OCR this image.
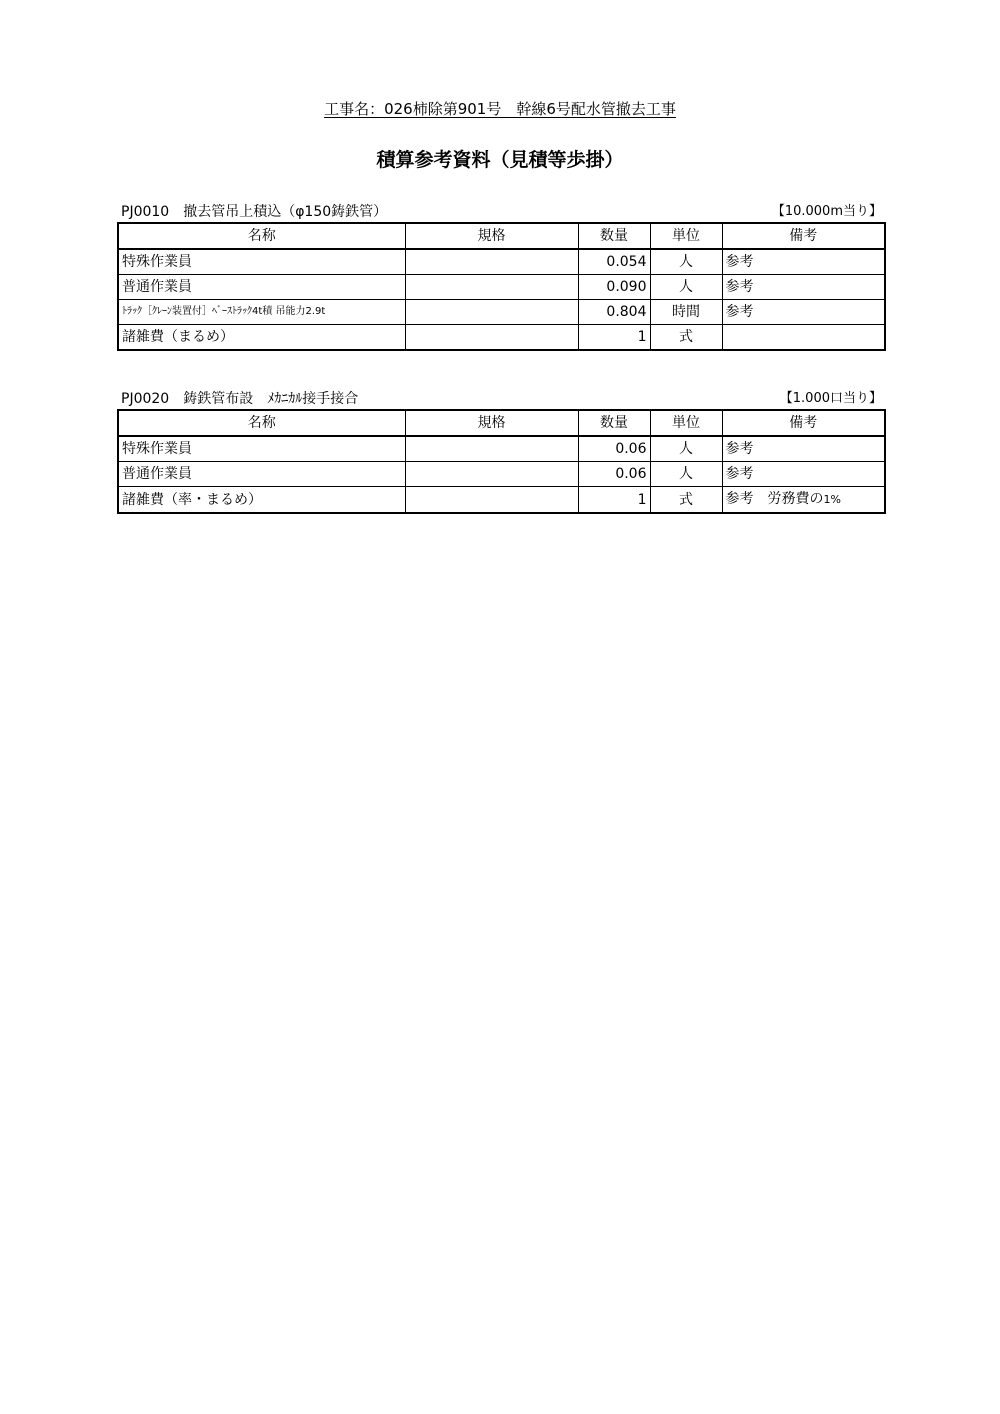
工事名：026柿除第901号　幹線6号配水管撤去工事
積算参考資料（見積等歩掛）
PJ0010　撤去管吊上積込（φ150鋳鉄管）	【10.000m当り】
名称	規格	数量	単位	備考
特殊作業員		0.054	人	参考
普通作業員		0.090	人	参考
ﾄﾗｯｸ［ｸﾚｰﾝ装置付］ﾍﾞｰｽﾄﾗｯｸ4t積 吊能力2.9t		0.804	時間	参考
諸雑費（まるめ）		1	式	
PJ0020　鋳鉄管布設　ﾒｶﾆｶﾙ接手接合	【1.000口当り】
名称	規格	数量	単位	備考
特殊作業員		0.06	人	参考
普通作業員		0.06	人	参考
諸雑費（率・まるめ）		1	式	参考　労務費の1%
